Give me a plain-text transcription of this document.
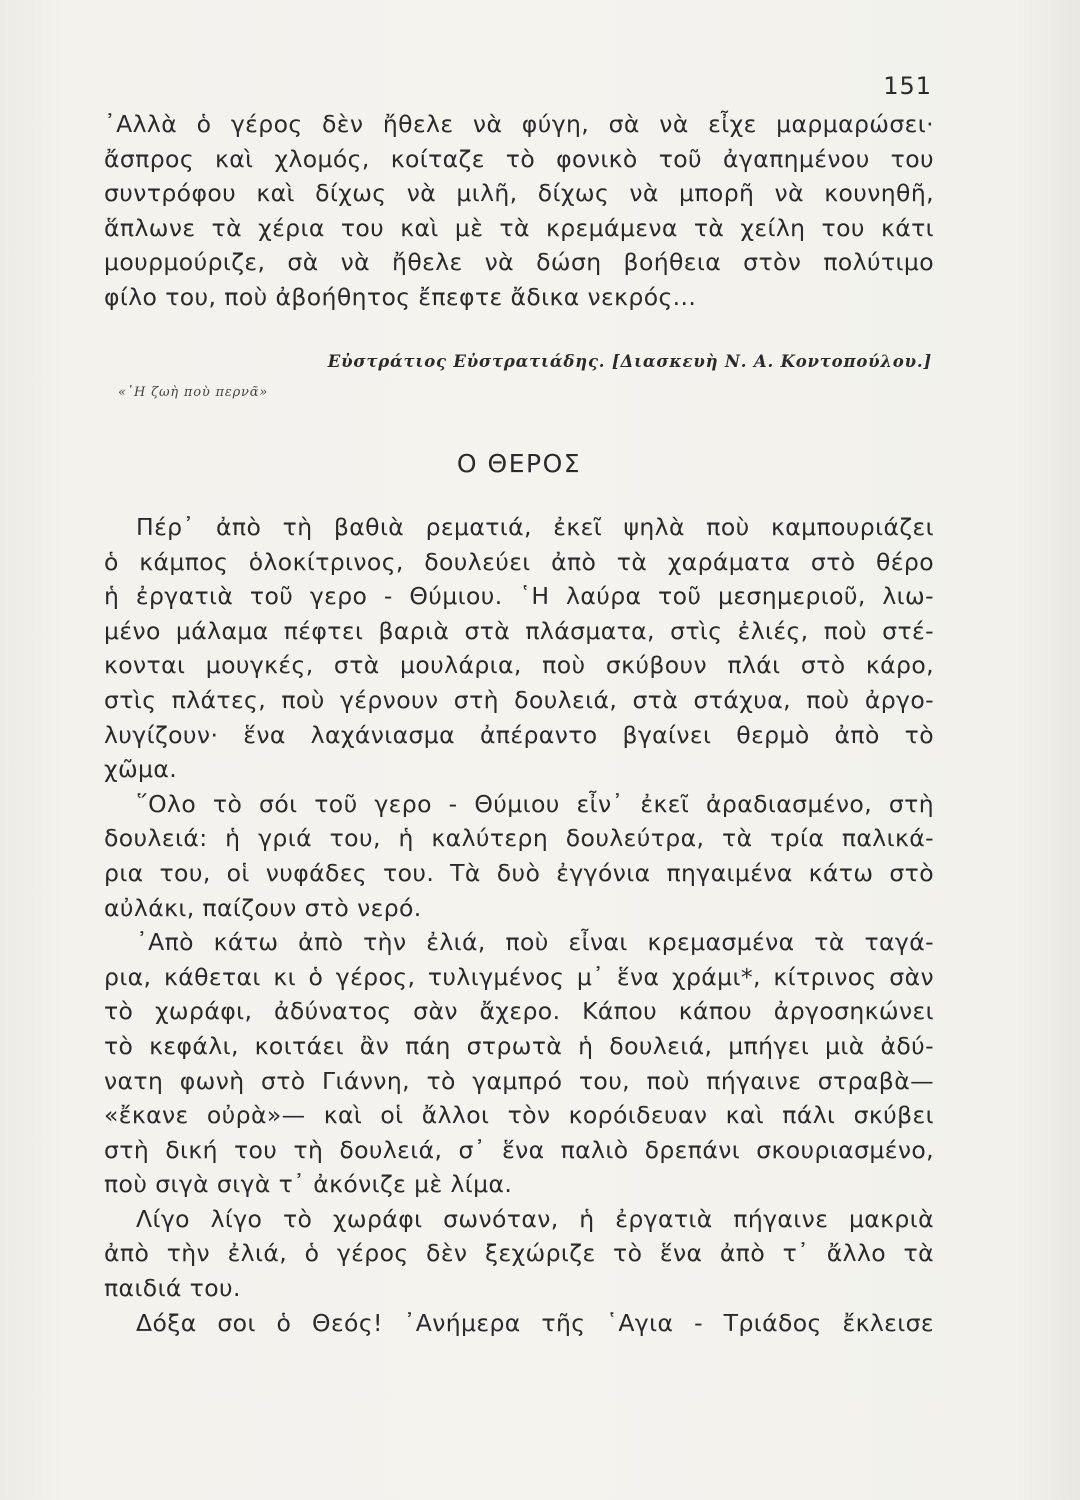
151
᾿Αλλὰ ὁ γέρος δὲν ἤθελε νὰ φύγη, σὰ νὰ εἶχε μαρμαρώσει·
ἄσπρος καὶ χλομός, κοίταζε τὸ φονικὸ τοῦ ἀγαπημένου του
συντρόφου καὶ δίχως νὰ μιλῆ, δίχως νὰ μπορῆ νὰ κουνηθῆ,
ἅπλωνε τὰ χέρια του καὶ μὲ τὰ κρεμάμενα τὰ χείλη του κάτι
μουρμούριζε, σὰ νὰ ἤθελε νὰ δώση βοήθεια στὸν πολύτιμο
φίλο του, ποὺ ἀβοήθητος ἔπεφτε ἄδικα νεκρός...
Εὐστράτιος Εὐστρατιάδης. [Διασκευὴ Ν. Α. Κοντοπούλου.]
«῾Η ζωὴ ποὺ περνᾶ»
Ο ΘΕΡΟΣ
Πέρ᾿ ἀπὸ τὴ βαθιὰ ρεματιά, ἐκεῖ ψηλὰ ποὺ καμπουριάζει
ὁ κάμπος ὁλοκίτρινος, δουλεύει ἀπὸ τὰ χαράματα στὸ θέρο
ἡ ἐργατιὰ τοῦ γερο - Θύμιου. ῾Η λαύρα τοῦ μεσημεριοῦ, λιω-
μένο μάλαμα πέφτει βαριὰ στὰ πλάσματα, στὶς ἐλιές, ποὺ στέ-
κονται μουγκές, στὰ μουλάρια, ποὺ σκύβουν πλάι στὸ κάρο,
στὶς πλάτες, ποὺ γέρνουν στὴ δουλειά, στὰ στάχυα, ποὺ ἀργο-
λυγίζουν· ἕνα λαχάνιασμα ἀπέραντο βγαίνει θερμὸ ἀπὸ τὸ
χῶμα.
῞Ολο τὸ σόι τοῦ γερο - Θύμιου εἶν᾿ ἐκεῖ ἀραδιασμένο, στὴ
δουλειά: ἡ γριά του, ἡ καλύτερη δουλεύτρα, τὰ τρία παλικά-
ρια του, οἱ νυφάδες του. Τὰ δυὸ ἐγγόνια πηγαιμένα κάτω στὸ
αὐλάκι, παίζουν στὸ νερό.
᾿Απὸ κάτω ἀπὸ τὴν ἐλιά, ποὺ εἶναι κρεμασμένα τὰ ταγά-
ρια, κάθεται κι ὁ γέρος, τυλιγμένος μ᾿ ἕνα χράμι*, κίτρινος σὰν
τὸ χωράφι, ἀδύνατος σὰν ἄχερο. Κάπου κάπου ἀργοσηκώνει
τὸ κεφάλι, κοιτάει ἂν πάη στρωτὰ ἡ δουλειά, μπήγει μιὰ ἀδύ-
νατη φωνὴ στὸ Γιάννη, τὸ γαμπρό του, ποὺ πήγαινε στραβὰ—
«ἔκανε οὐρὰ»— καὶ οἱ ἄλλοι τὸν κορόιδευαν καὶ πάλι σκύβει
στὴ δική του τὴ δουλειά, σ᾿ ἕνα παλιὸ δρεπάνι σκουριασμένο,
ποὺ σιγὰ σιγὰ τ᾿ ἀκόνιζε μὲ λίμα.
Λίγο λίγο τὸ χωράφι σωνόταν, ἡ ἐργατιὰ πήγαινε μακριὰ
ἀπὸ τὴν ἐλιά, ὁ γέρος δὲν ξεχώριζε τὸ ἕνα ἀπὸ τ᾿ ἄλλο τὰ
παιδιά του.
Δόξα σοι ὁ Θεός! ᾿Ανήμερα τῆς ῾Αγια - Τριάδος ἔκλεισε
